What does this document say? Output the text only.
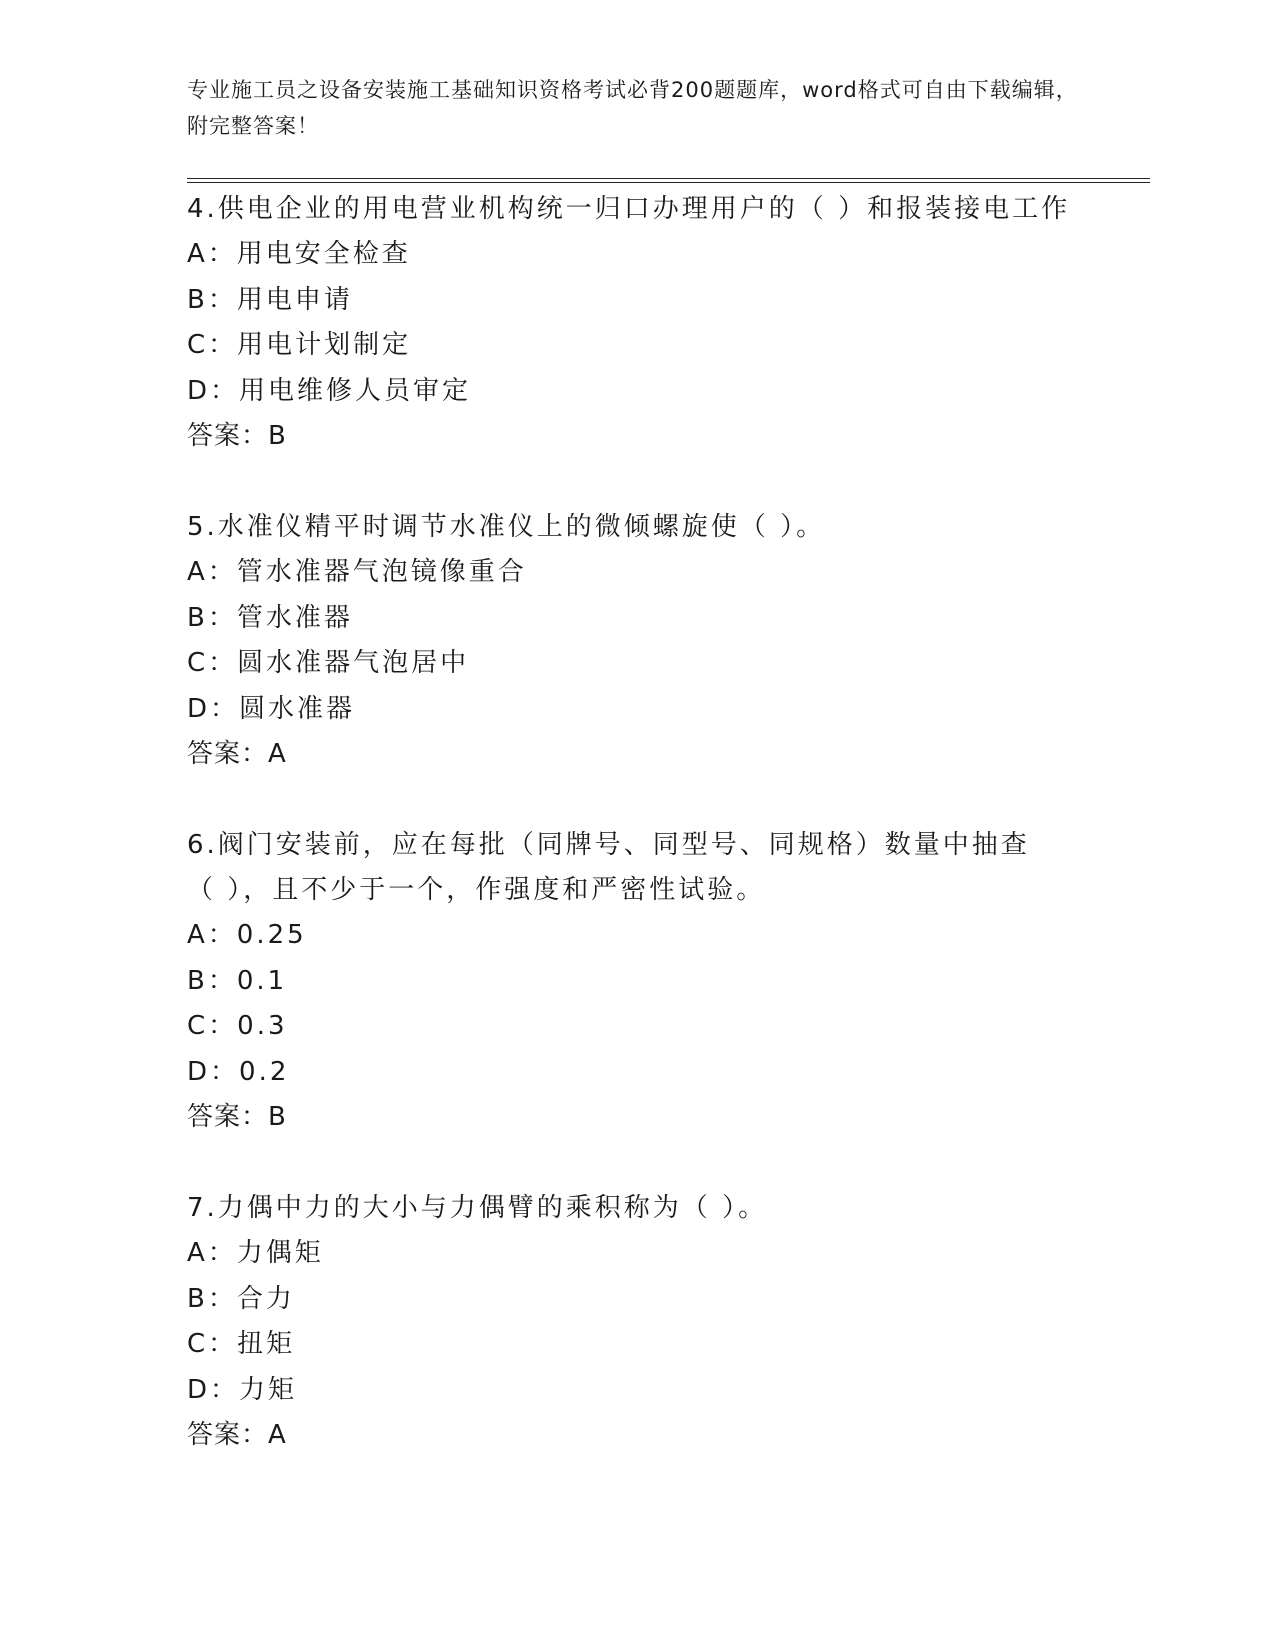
专业施工员之设备安装施工基础知识资格考试必背200题题库，word格式可自由下载编辑，附完整答案！

4.供电企业的用电营业机构统一归口办理用户的（ ）和报装接电工作

A：用电安全检查

B：用电申请

C：用电计划制定

D：用电维修人员审定

答案：B

5.水准仪精平时调节水准仪上的微倾螺旋使（ ）。

A：管水准器气泡镜像重合

B：管水准器

C：圆水准器气泡居中

D：圆水准器

答案：A

6.阀门安装前，应在每批（同牌号、同型号、同规格）数量中抽查（ ），且不少于一个，作强度和严密性试验。

A：0.25

B：0.1

C：0.3

D：0.2

答案：B

7.力偶中力的大小与力偶臂的乘积称为（ ）。

A：力偶矩

B：合力

C：扭矩

D：力矩

答案：A
